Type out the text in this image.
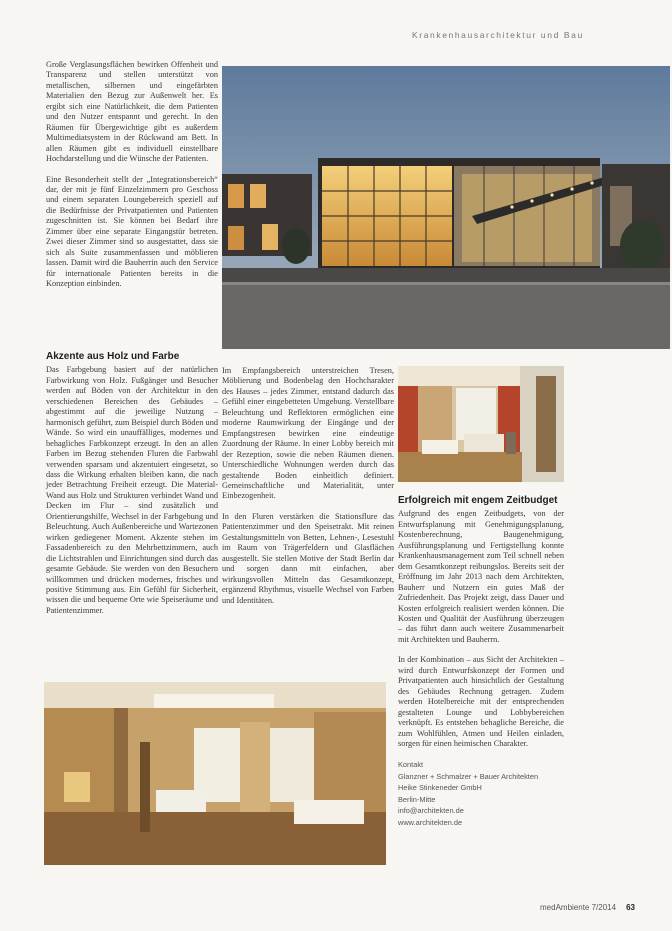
Krankenhausarchitektur und Bau

Große Verglasungsflächen bewirken Offenheit und Transparenz und stellen unterstützt von metallischen, silbernen und eingefärbten Materialien den Bezug zur Außenwelt her. Es ergibt sich eine Natürlichkeit, die dem Patienten und den Nutzer entspannt und gerecht. In den Räumen für Übergewichtige gibt es außerdem Multimediatsystem in der Rückwand am Bett. In allen Räumen gibt es individuell einstellbare Hochdarstellung und die Wünsche der Patienten.

Eine Besonderheit stellt der „Integrationsbereich“ dar, der mit je fünf Einzelzimmern pro Geschoss und einem separaten Loungebereich speziell auf die Bedürfnisse der Privatpatienten und Patienten zugeschnitten ist. Sie können bei Bedarf ihre Zimmer über eine separate Eingangstür betreten. Zwei dieser Zimmer sind so ausgestattet, dass sie sich als Suite zusammenfassen und möblieren lassen. Damit wird die Bauherrin auch den Service für internationale Patienten bereits in die Konzeption einbinden.

Akzente aus Holz und Farbe

Das Farbgebung basiert auf der natürlichen Farbwirkung von Holz. Fußgänger und Besucher werden auf Böden von der Architektur in den verschiedenen Bereichen des Gebäudes – abgestimmt auf die jeweilige Nutzung – harmonisch geführt, zum Beispiel durch Böden und Wände. So wird ein unauffälliges, modernes und behagliches Farbkonzept erzeugt. In den an allen Farben im Bezug stehenden Fluren die Farbwahl verwenden sparsam und akzentuiert eingesetzt, so dass die Wirkung erhalten bleiben kann, die nach jeder Betrachtung Freiheit erzeugt. Die Material-Wand aus Holz und Strukturen verbindet Wand und Decken im Flur – sind zusätzlich und Orientierungshilfe, Wechsel in der Farbgebung und Beleuchtung. Auch Außenbereiche und Wartezonen wirken gediegener Moment. Akzente stehen im Fassadenbereich zu den Mehrbettzimmern, auch die Lichtstrahlen und Einrichtungen sind durch das gesamte Gebäude. Sie werden von den Besuchern willkommen und drücken modernes, frisches und positive Stimmung aus. Ein Gefühl für Sicherheit, wissen die und bequeme Orte wie Speiseräume und Patientenzimmer.

Im Empfangsbereich unterstreichen Tresen, Möblierung und Bodenbelag den Hochcharakter des Hauses – jedes Zimmer, entstand dadurch das Gefühl einer eingebetteten Umgebung. Verstellbare Beleuchtung und Reflektoren ermöglichen eine moderne Raumwirkung der Eingänge und der Empfangstresen bewirken eine eindeutige Zuordnung der Räume. In einer Lobby bereich mit der Rezeption, sowie die neben Räumen dienen. Unterschiedliche Wohnungen werden durch das gestaltende Boden einheitlich definiert. Gemeinschaftliche und Materialität, unter Einbezogenheit.

In den Fluren verstärken die Stationsflure das Patientenzimmer und den Speisetrakt. Mit reinen Gestaltungsmitteln von Betten, Lehnen-, Lesestuhl im Raum von Trägerfeldern und Glasflächen ausgestellt. Sie stellen Motive der Stadt Berlin dar und sorgen dann mit einfachen, aber wirkungsvollen Mitteln das Gesamtkonzept, ergänzend Rhythmus, visuelle Wechsel von Farben und Identitäten.

Erfolgreich mit engem Zeitbudget

Aufgrund des engen Zeitbudgets, von der Entwurfsplanung mit Genehmigungsplanung, Kostenberechnung, Baugenehmigung, Ausführungsplanung und Fertigstellung konnte Krankenhausmanagement zum Teil schnell neben dem Gesamtkonzept reibungslos. Bereits seit der Eröffnung im Jahr 2013 nach dem Architekten, Bauherr und Nutzern ein gutes Maß der Zufriedenheit. Das Projekt zeigt, dass Dauer und Kosten erfolgreich realisiert werden können. Die Kosten und Qualität der Ausführung überzeugen – das führt dann auch weitere Zusammenarbeit mit Architekten und Bauherrn.

In der Kombination – aus Sicht der Architekten – wird durch Entwurfskonzept der Formen und Privatpatienten auch hinsichtlich der Gestaltung des Gebäudes Rechnung getragen. Zudem werden Hotelbereiche mit der entsprechenden gestalteten Lounge und Lobbybereichen verknüpft. Es entstehen behagliche Bereiche, die zum Wohlfühlen, Atmen und Heilen einladen, sorgen für einen heimischen Charakter.

Kontakt
Glanzner + Schmalzer + Bauer Architekten
Heike Stinkeneder GmbH
Berlin-Mitte
info@architekten.de
www.architekten.de
medAmbiente 7/2014 63
